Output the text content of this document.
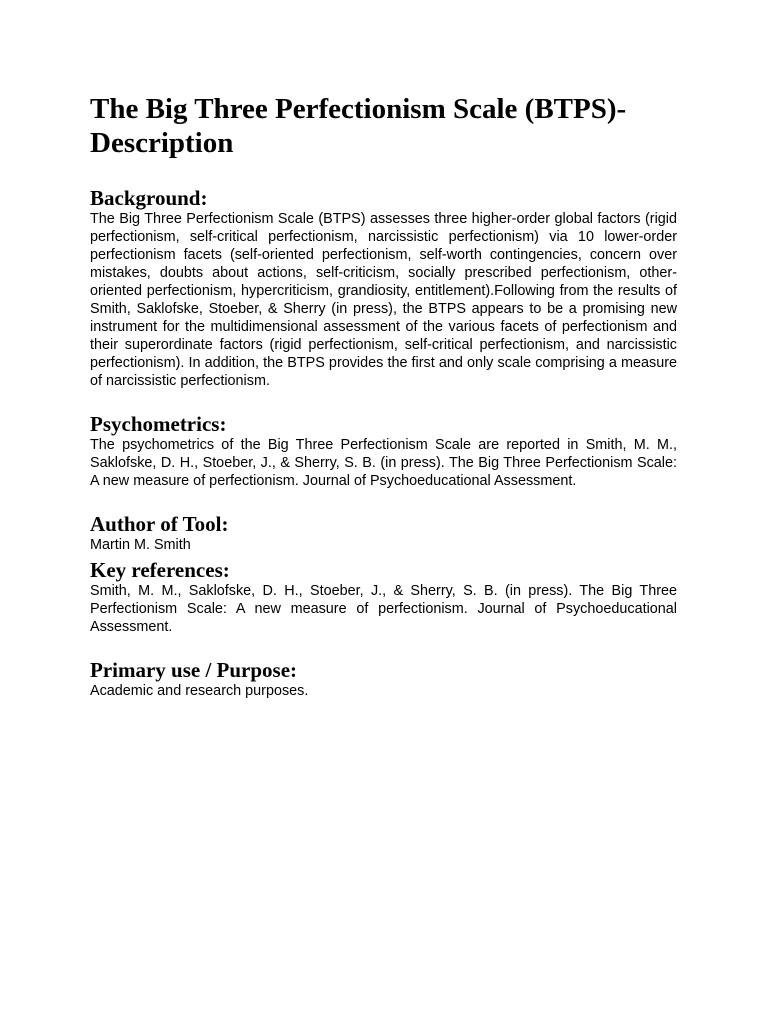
The Big Three Perfectionism Scale (BTPS)-Description
Background:

The Big Three Perfectionism Scale (BTPS) assesses three higher-order global factors (rigid perfectionism, self-critical perfectionism, narcissistic perfectionism) via 10 lower-order perfectionism facets (self-oriented perfectionism, self-worth contingencies, concern over mistakes, doubts about actions, self-criticism, socially prescribed perfectionism, other-oriented perfectionism, hypercriticism, grandiosity, entitlement).Following from the results of Smith, Saklofske, Stoeber, & Sherry (in press), the BTPS appears to be a promising new instrument for the multidimensional assessment of the various facets of perfectionism and their superordinate factors (rigid perfectionism, self-critical perfectionism, and narcissistic perfectionism). In addition, the BTPS provides the first and only scale comprising a measure of narcissistic perfectionism.

Psychometrics:

The psychometrics of the Big Three Perfectionism Scale are reported in Smith, M. M., Saklofske, D. H., Stoeber, J., & Sherry, S. B. (in press). The Big Three Perfectionism Scale: A new measure of perfectionism. Journal of Psychoeducational Assessment.

Author of Tool:

Martin M. Smith

Key references:

Smith, M. M., Saklofske, D. H., Stoeber, J., & Sherry, S. B. (in press). The Big Three Perfectionism Scale: A new measure of perfectionism. Journal of Psychoeducational Assessment.

Primary use / Purpose:

Academic and research purposes.
